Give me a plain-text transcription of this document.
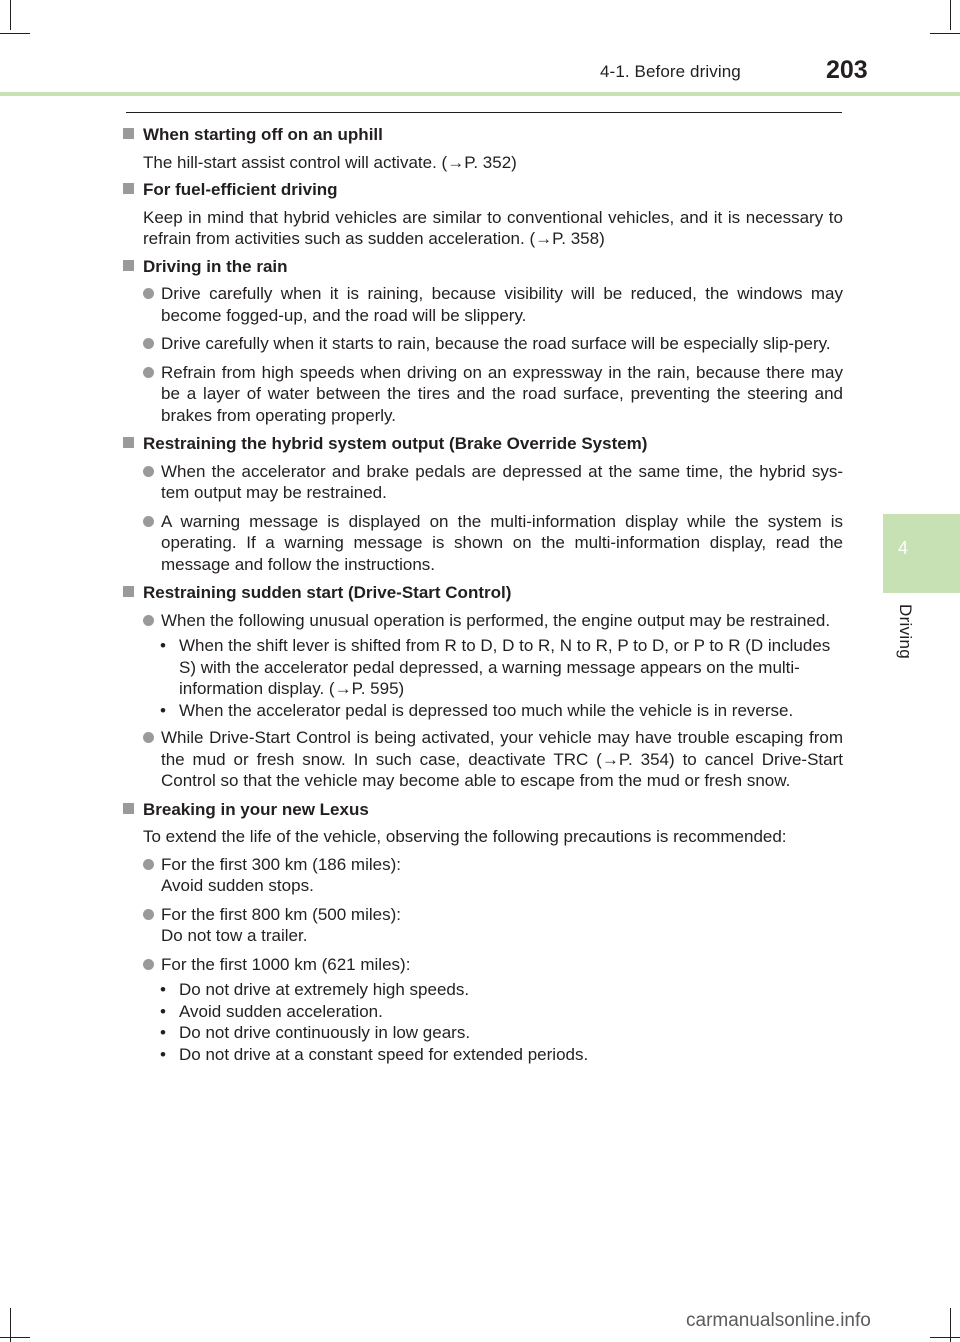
4-1. Before driving	203
4
Driving
When starting off on an uphill
The hill-start assist control will activate. (→P. 352)
For fuel-efficient driving
Keep in mind that hybrid vehicles are similar to conventional vehicles, and it is necessary to refrain from activities such as sudden acceleration. (→P. 358)
Driving in the rain
Drive carefully when it is raining, because visibility will be reduced, the windows may become fogged-up, and the road will be slippery.
Drive carefully when it starts to rain, because the road surface will be especially slip-pery.
Refrain from high speeds when driving on an expressway in the rain, because there may be a layer of water between the tires and the road surface, preventing the steering and brakes from operating properly.
Restraining the hybrid system output (Brake Override System)
When the accelerator and brake pedals are depressed at the same time, the hybrid sys-tem output may be restrained.
A warning message is displayed on the multi-information display while the system is operating. If a warning message is shown on the multi-information display, read the message and follow the instructions.
Restraining sudden start (Drive-Start Control)
When the following unusual operation is performed, the engine output may be restrained.
• When the shift lever is shifted from R to D, D to R, N to R, P to D, or P to R (D includes S) with the accelerator pedal depressed, a warning message appears on the multi-information display. (→P. 595)
• When the accelerator pedal is depressed too much while the vehicle is in reverse.
While Drive-Start Control is being activated, your vehicle may have trouble escaping from the mud or fresh snow. In such case, deactivate TRC (→P. 354) to cancel Drive-Start Control so that the vehicle may become able to escape from the mud or fresh snow.
Breaking in your new Lexus
To extend the life of the vehicle, observing the following precautions is recommended:
For the first 300 km (186 miles):
Avoid sudden stops.
For the first 800 km (500 miles):
Do not tow a trailer.
For the first 1000 km (621 miles):
• Do not drive at extremely high speeds.
• Avoid sudden acceleration.
• Do not drive continuously in low gears.
• Do not drive at a constant speed for extended periods.
carmanualsonline.info
